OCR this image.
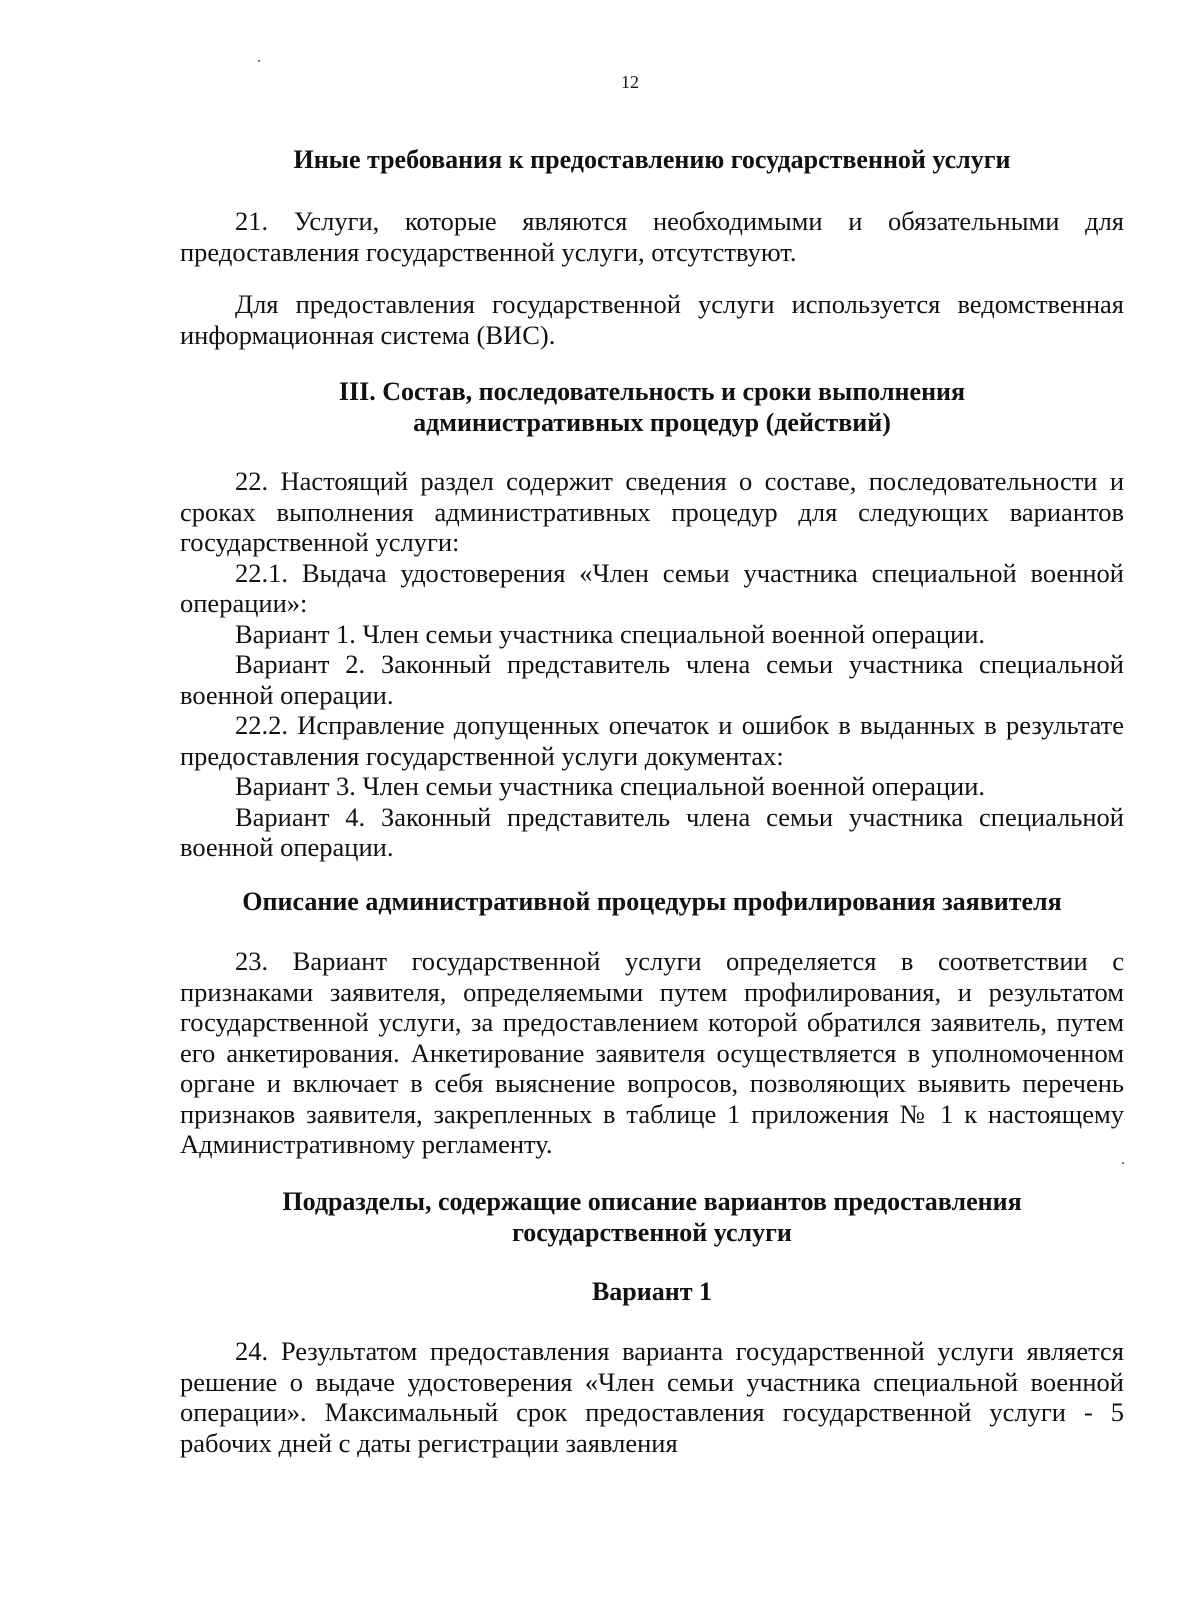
12
Иные требования к предоставлению государственной услуги

21. Услуги, которые являются необходимыми и обязательными для предоставления государственной услуги, отсутствуют.

Для предоставления государственной услуги используется ведомственная информационная система (ВИС).

III. Состав, последовательность и сроки выполнения
административных процедур (действий)

22. Настоящий раздел содержит сведения о составе, последовательности и сроках выполнения административных процедур для следующих вариантов государственной услуги:

22.1. Выдача удостоверения «Член семьи участника специальной военной операции»:

Вариант 1. Член семьи участника специальной военной операции.

Вариант 2. Законный представитель члена семьи участника специальной военной операции.

22.2. Исправление допущенных опечаток и ошибок в выданных в результате предоставления государственной услуги документах:

Вариант 3. Член семьи участника специальной военной операции.

Вариант 4. Законный представитель члена семьи участника специальной военной операции.

Описание административной процедуры профилирования заявителя

23. Вариант государственной услуги определяется в соответствии с признаками заявителя, определяемыми путем профилирования, и результатом государственной услуги, за предоставлением которой обратился заявитель, путем его анкетирования. Анкетирование заявителя осуществляется в уполномоченном органе и включает в себя выяснение вопросов, позволяющих выявить перечень признаков заявителя, закрепленных в таблице 1 приложения № 1 к настоящему Административному регламенту.

Подразделы, содержащие описание вариантов предоставления
государственной услуги
Вариант 1

24. Результатом предоставления варианта государственной услуги является решение о выдаче удостоверения «Член семьи участника специальной военной операции». Максимальный срок предоставления государственной услуги - 5 рабочих дней с даты регистрации заявления
